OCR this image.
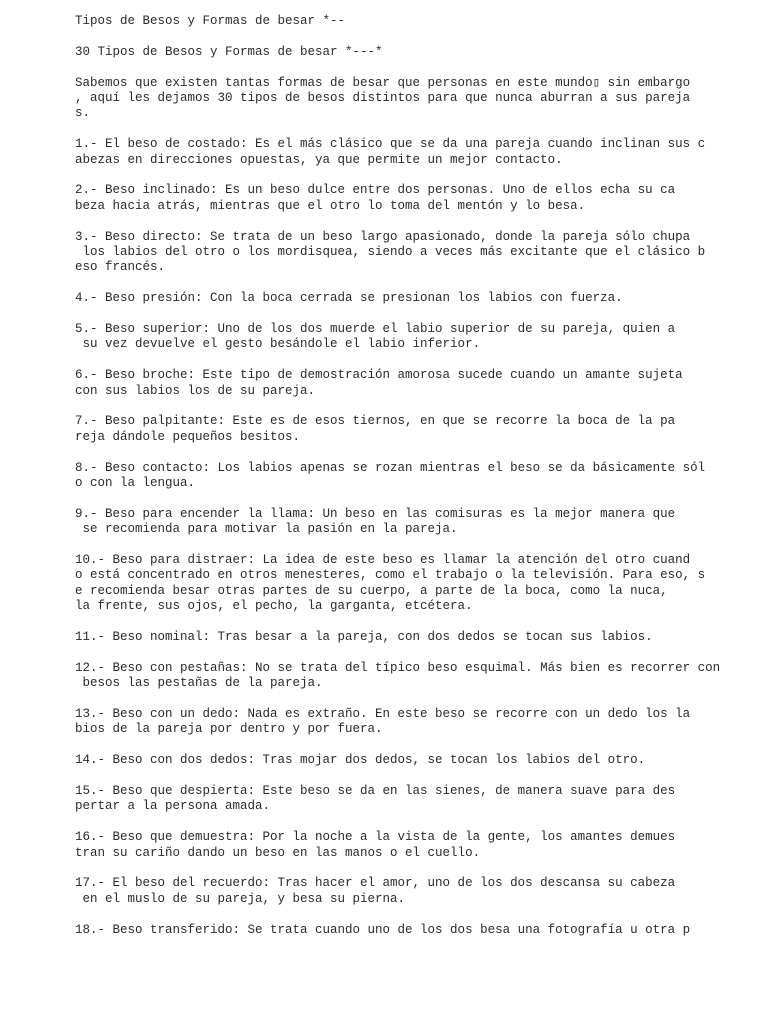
Tipos de Besos y Formas de besar *--
30 Tipos de Besos y Formas de besar *---*
Sabemos que existen tantas formas de besar que personas en este mundo▯ sin embargo
, aquí les dejamos 30 tipos de besos distintos para que nunca aburran a sus pareja
s.
1.- El beso de costado: Es el más clásico que se da una pareja cuando inclinan sus c
abezas en direcciones opuestas, ya que permite un mejor contacto.
2.- Beso inclinado: Es un beso dulce entre dos personas. Uno de ellos echa su ca
beza hacia atrás, mientras que el otro lo toma del mentón y lo besa.
3.- Beso directo: Se trata de un beso largo apasionado, donde la pareja sólo chupa
los labios del otro o los mordisquea, siendo a veces más excitante que el clásico b
eso francés.
4.- Beso presión: Con la boca cerrada se presionan los labios con fuerza.
5.- Beso superior: Uno de los dos muerde el labio superior de su pareja, quien a
su vez devuelve el gesto besándole el labio inferior.
6.- Beso broche: Este tipo de demostración amorosa sucede cuando un amante sujeta
con sus labios los de su pareja.
7.- Beso palpitante: Este es de esos tiernos, en que se recorre la boca de la pa
reja dándole pequeños besitos.
8.- Beso contacto: Los labios apenas se rozan mientras el beso se da básicamente sól
o con la lengua.
9.- Beso para encender la llama: Un beso en las comisuras es la mejor manera que
se recomienda para motivar la pasión en la pareja.
10.- Beso para distraer: La idea de este beso es llamar la atención del otro cuand
o está concentrado en otros menesteres, como el trabajo o la televisión. Para eso, s
e recomienda besar otras partes de su cuerpo, a parte de la boca, como la nuca,
la frente, sus ojos, el pecho, la garganta, etcétera.
11.- Beso nominal: Tras besar a la pareja, con dos dedos se tocan sus labios.
12.- Beso con pestañas: No se trata del típico beso esquimal. Más bien es recorrer con
besos las pestañas de la pareja.
13.- Beso con un dedo: Nada es extraño. En este beso se recorre con un dedo los la
bios de la pareja por dentro y por fuera.
14.- Beso con dos dedos: Tras mojar dos dedos, se tocan los labios del otro.
15.- Beso que despierta: Este beso se da en las sienes, de manera suave para des
pertar a la persona amada.
16.- Beso que demuestra: Por la noche a la vista de la gente, los amantes demues
tran su cariño dando un beso en las manos o el cuello.
17.- El beso del recuerdo: Tras hacer el amor, uno de los dos descansa su cabeza
en el muslo de su pareja, y besa su pierna.
18.- Beso transferido: Se trata cuando uno de los dos besa una fotografía u otra p
